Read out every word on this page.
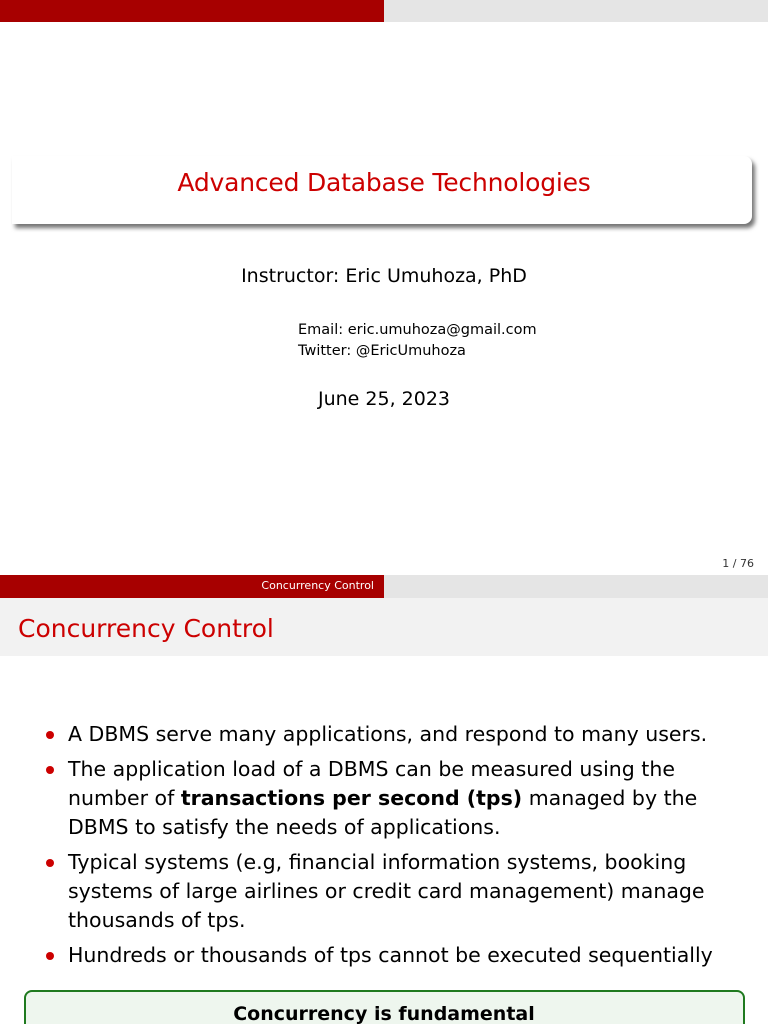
Advanced Database Technologies
Instructor: Eric Umuhoza, PhD
Email: eric.umuhoza@gmail.com
Twitter: @EricUmuhoza
June 25, 2023
1 / 76
Concurrency Control
Concurrency Control
A DBMS serve many applications, and respond to many users.
The application load of a DBMS can be measured using the number of transactions per second (tps) managed by the DBMS to satisfy the needs of applications.
Typical systems (e.g, financial information systems, booking systems of large airlines or credit card management) manage thousands of tps.
Hundreds or thousands of tps cannot be executed sequentially
Concurrency is fundamental
